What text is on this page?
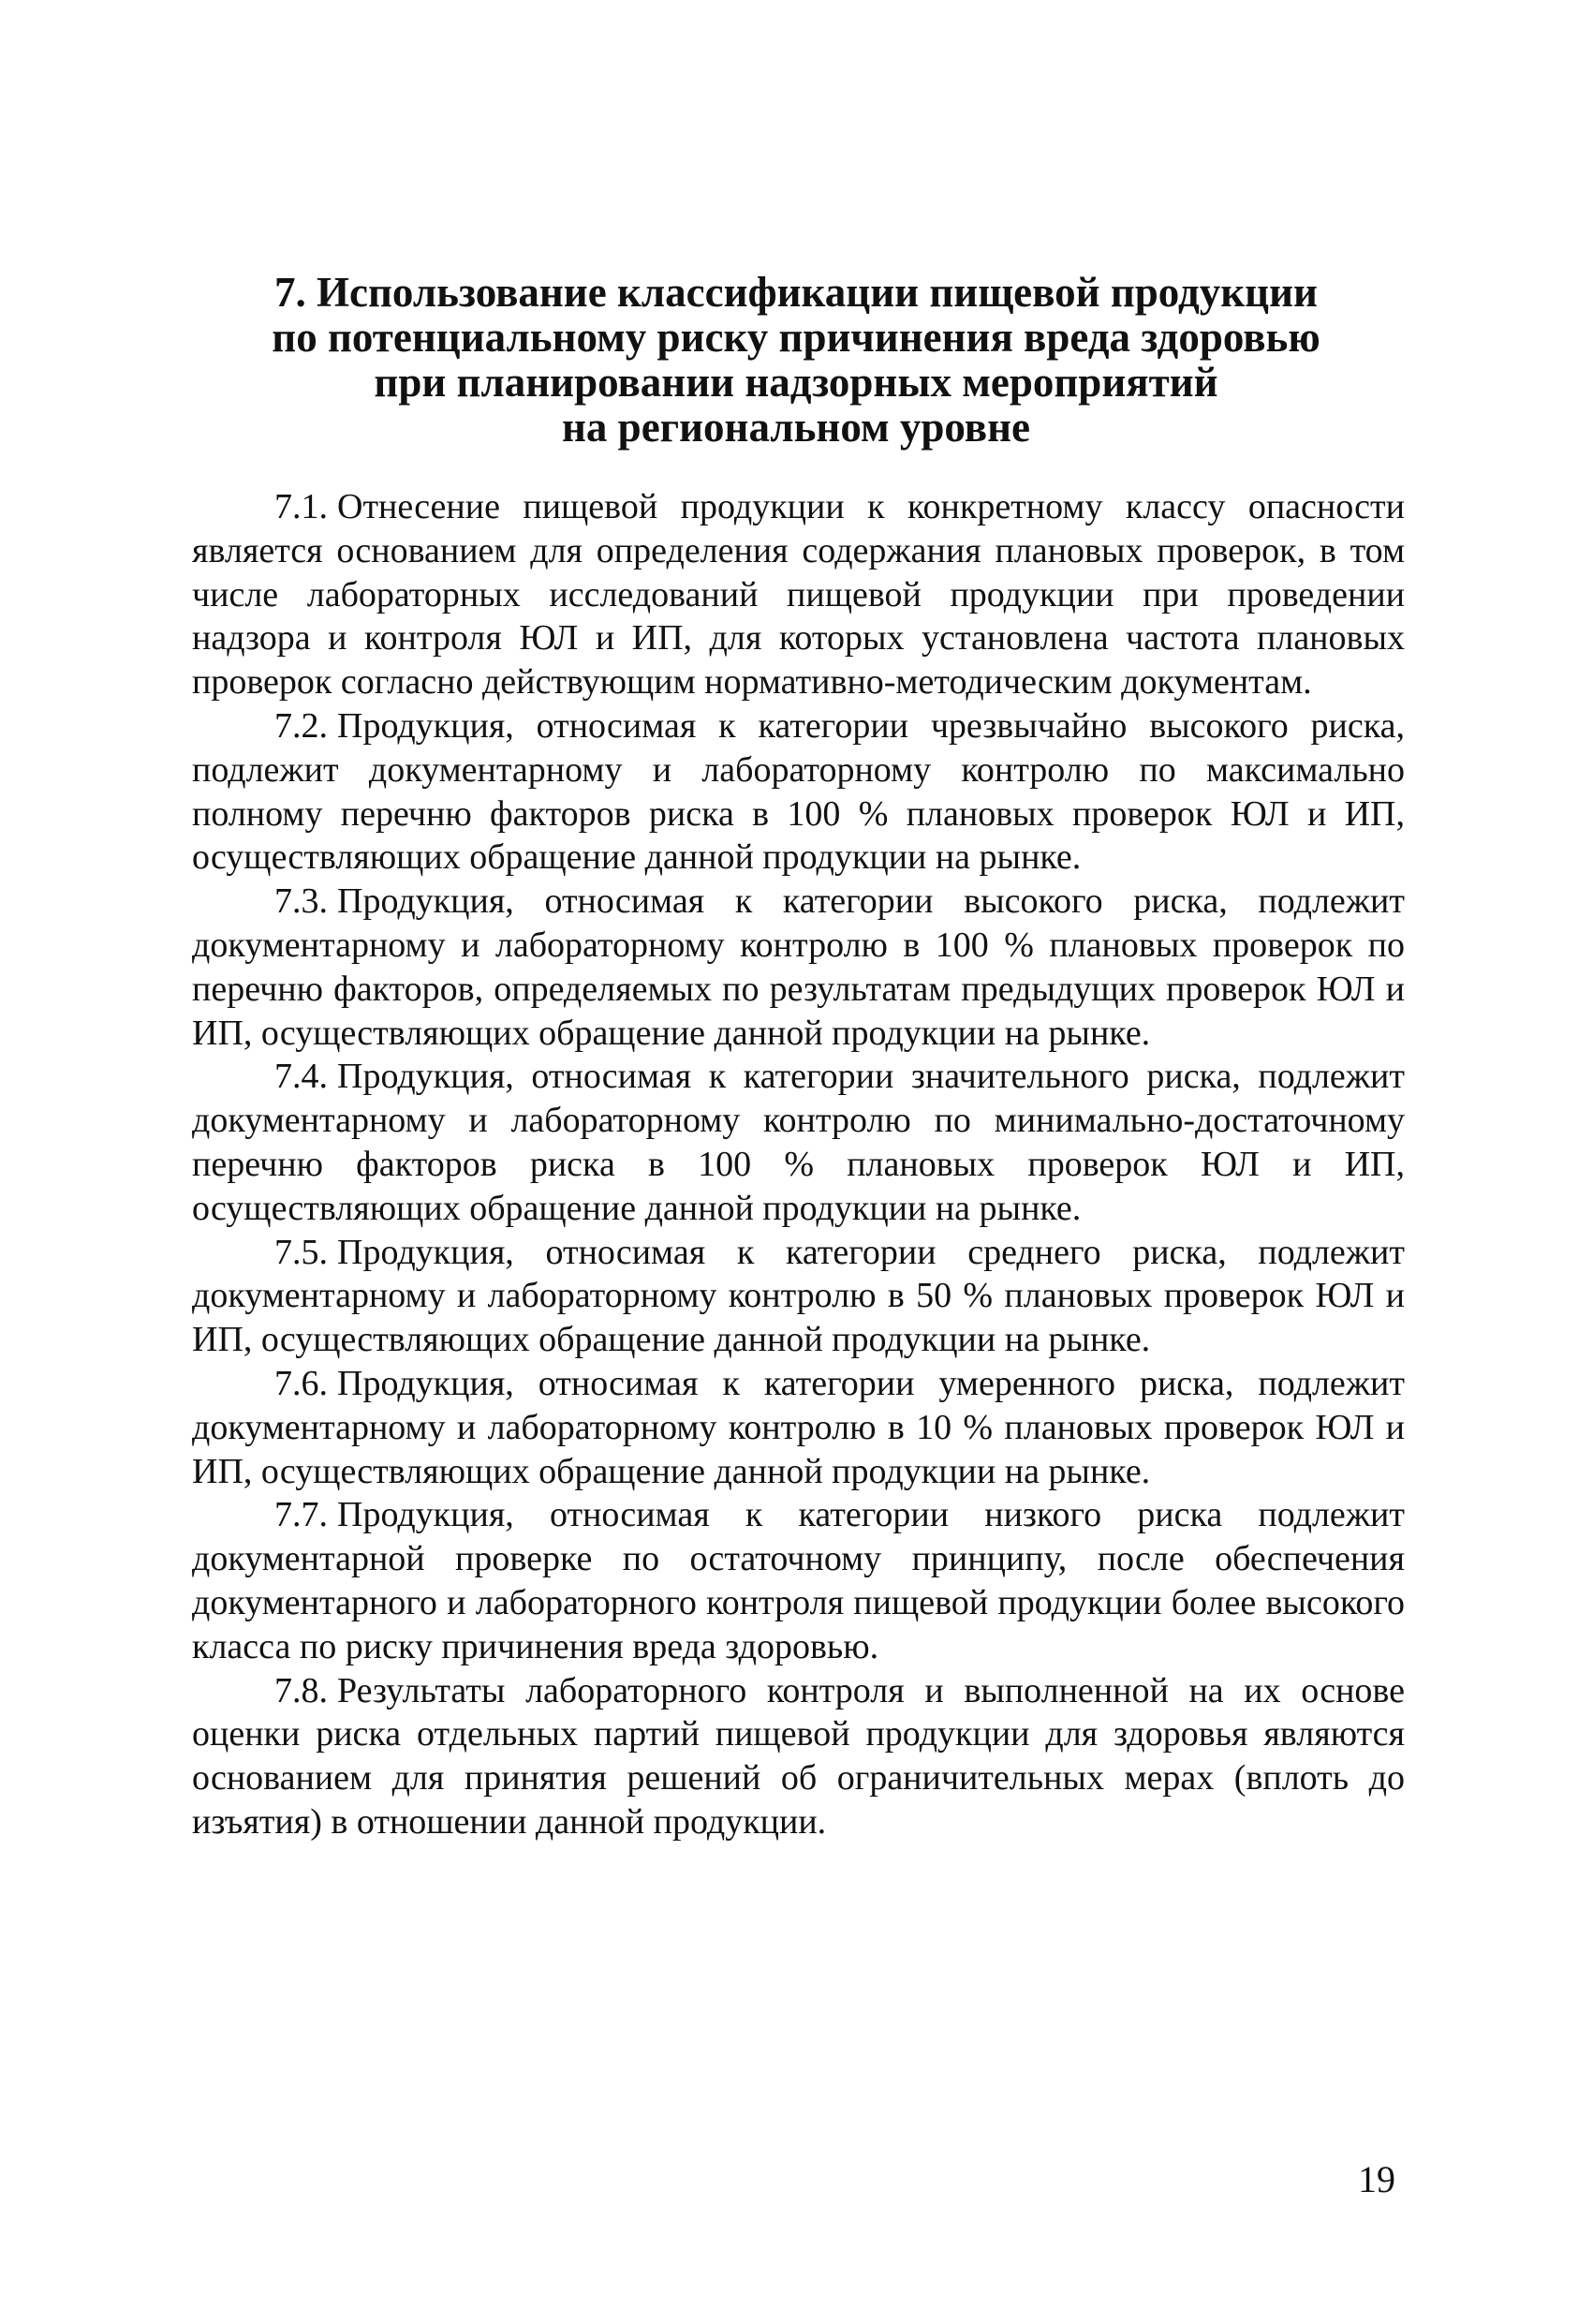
7. Использование классификации пищевой продукции
по потенциальному риску причинения вреда здоровью
при планировании надзорных мероприятий
на региональном уровне

7.1. Отнесение пищевой продукции к конкретному классу опасности является основанием для определения содержания плановых проверок, в том числе лабораторных исследований пищевой продукции при проведении надзора и контроля ЮЛ и ИП, для которых установлена частота плановых проверок согласно действующим нормативно-методическим документам.

7.2. Продукция, относимая к категории чрезвычайно высокого риска, подлежит документарному и лабораторному контролю по максимально полному перечню факторов риска в 100 % плановых проверок ЮЛ и ИП, осуществляющих обращение данной продукции на рынке.

7.3. Продукция, относимая к категории высокого риска, подлежит документарному и лабораторному контролю в 100 % плановых проверок по перечню факторов, определяемых по результатам предыдущих проверок ЮЛ и ИП, осуществляющих обращение данной продукции на рынке.

7.4. Продукция, относимая к категории значительного риска, подлежит документарному и лабораторному контролю по минимально-достаточному перечню факторов риска в 100 % плановых проверок ЮЛ и ИП, осуществляющих обращение данной продукции на рынке.

7.5. Продукция, относимая к категории среднего риска, подлежит документарному и лабораторному контролю в 50 % плановых проверок ЮЛ и ИП, осуществляющих обращение данной продукции на рынке.

7.6. Продукция, относимая к категории умеренного риска, подлежит документарному и лабораторному контролю в 10 % плановых проверок ЮЛ и ИП, осуществляющих обращение данной продукции на рынке.

7.7. Продукция, относимая к категории низкого риска подлежит документарной проверке по остаточному принципу, после обеспечения документарного и лабораторного контроля пищевой продукции более высокого класса по риску причинения вреда здоровью.

7.8. Результаты лабораторного контроля и выполненной на их основе оценки риска отдельных партий пищевой продукции для здоровья являются основанием для принятия решений об ограничительных мерах (вплоть до изъятия) в отношении данной продукции.

19
